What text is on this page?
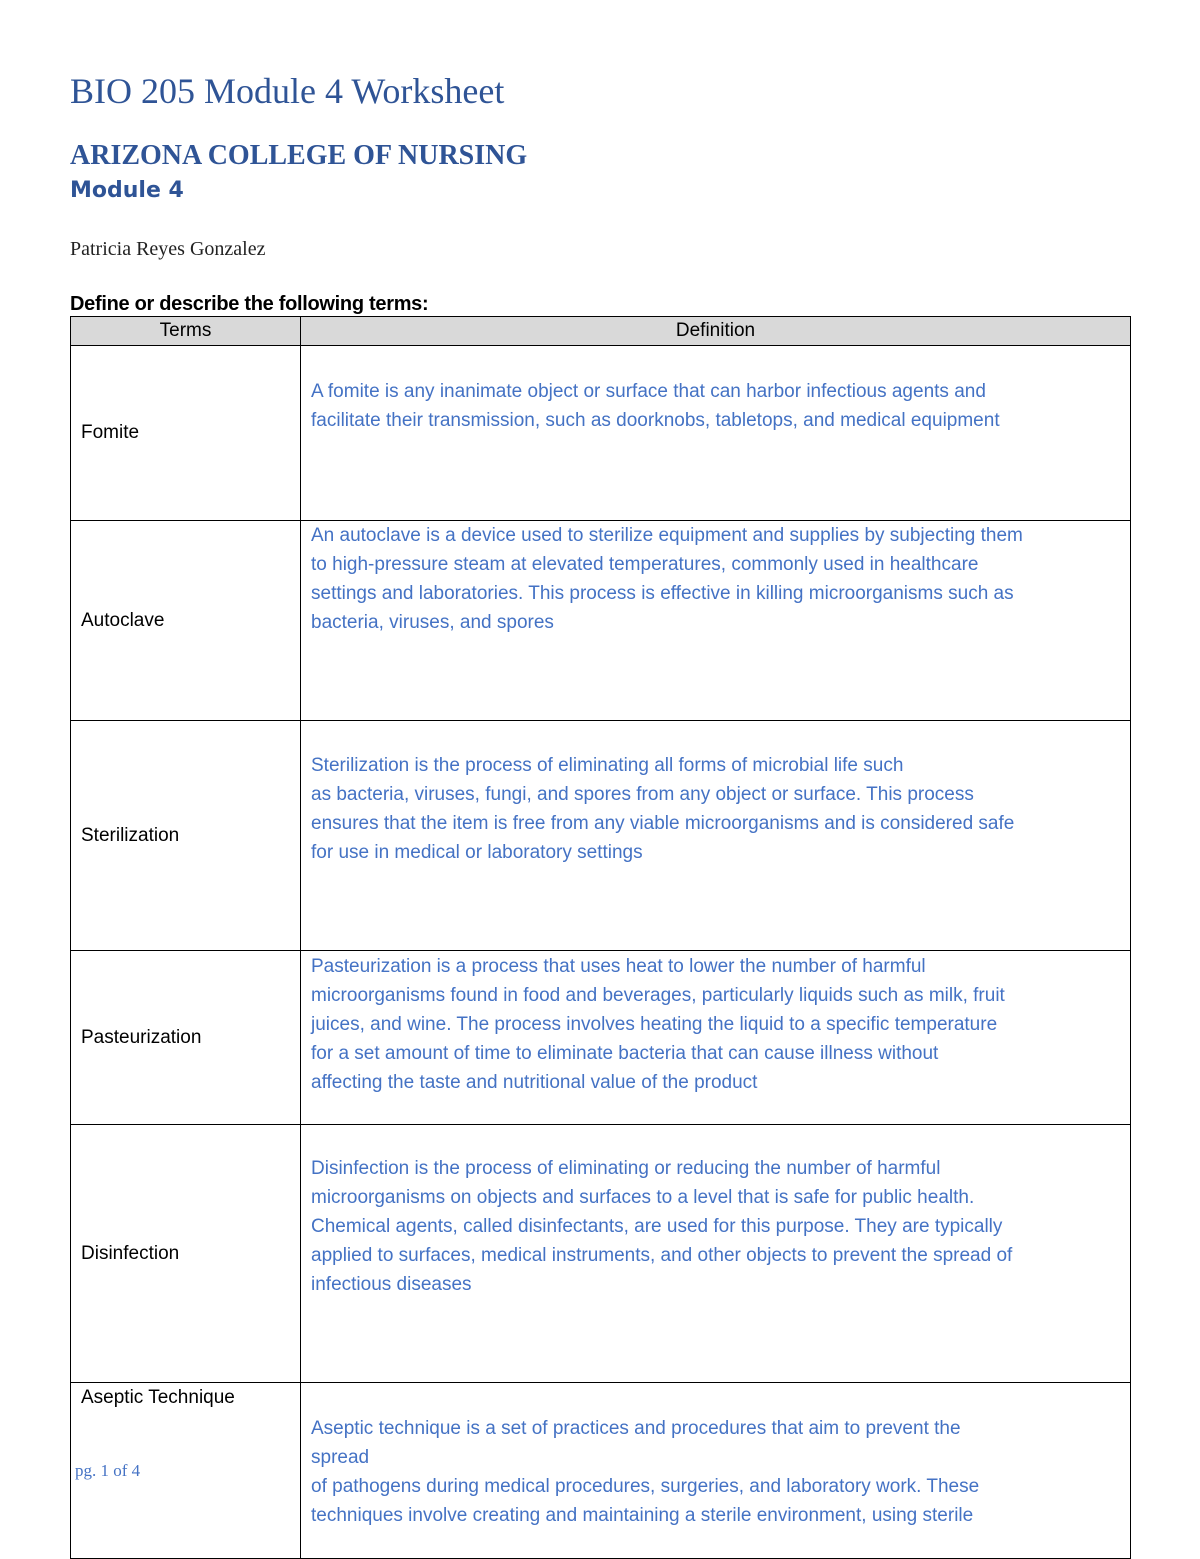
BIO 205 Module 4 Worksheet
ARIZONA COLLEGE OF NURSING
Module 4

Patricia Reyes Gonzalez

Define or describe the following terms:

Terms	Definition
Fomite	A fomite is any inanimate object or surface that can harbor infectious agents and
facilitate their transmission, such as doorknobs, tabletops, and medical equipment

Autoclave	An autoclave is a device used to sterilize equipment and supplies by subjecting them
to high-pressure steam at elevated temperatures, commonly used in healthcare
settings and laboratories. This process is effective in killing microorganisms such as
bacteria, viruses, and spores

Sterilization	Sterilization is the process of eliminating all forms of microbial life such
as bacteria, viruses, fungi, and spores from any object or surface. This process
ensures that the item is free from any viable microorganisms and is considered safe
for use in medical or laboratory settings

Pasteurization	Pasteurization is a process that uses heat to lower the number of harmful
microorganisms found in food and beverages, particularly liquids such as milk, fruit
juices, and wine. The process involves heating the liquid to a specific temperature
for a set amount of time to eliminate bacteria that can cause illness without
affecting the taste and nutritional value of the product

Disinfection	Disinfection is the process of eliminating or reducing the number of harmful
microorganisms on objects and surfaces to a level that is safe for public health.
Chemical agents, called disinfectants, are used for this purpose. They are typically
applied to surfaces, medical instruments, and other objects to prevent the spread of
infectious diseases

Aseptic Technique	Aseptic technique is a set of practices and procedures that aim to prevent the
spread
of pathogens during medical procedures, surgeries, and laboratory work. These
techniques involve creating and maintaining a sterile environment, using sterile

pg. 1 of 4
